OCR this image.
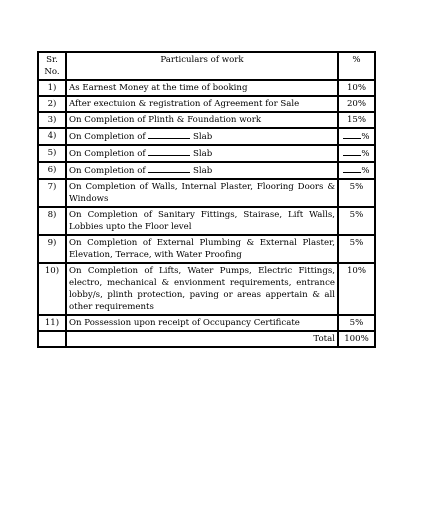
Sr.
No.	Particulars of work	%
1)	As Earnest Money at the time of booking	10%
2)	After exectuion & registration of Agreement for Sale	20%
3)	On Completion of Plinth & Foundation work	15%
4)	On Completion of Slab	%
5)	On Completion of Slab	%
6)	On Completion of Slab	%
7)	On Completion of Walls, Internal Plaster, Flooring Doors & Windows	5%
8)	On Completion of Sanitary Fittings, Stairase, Lift Walls, Lobbies upto the Floor level	5%
9)	On Completion of External Plumbing & External Plaster, Elevation, Terrace, with Water Proofing	5%
10)	On Completion of Lifts, Water Pumps, Electric Fittings, electro, mechanical & envionment requirements, entrance lobby/s, plinth protection, paving or areas appertain & all other requirements	10%
11)	On Possession upon receipt of Occupancy Certificate	5%
	Total	100%
